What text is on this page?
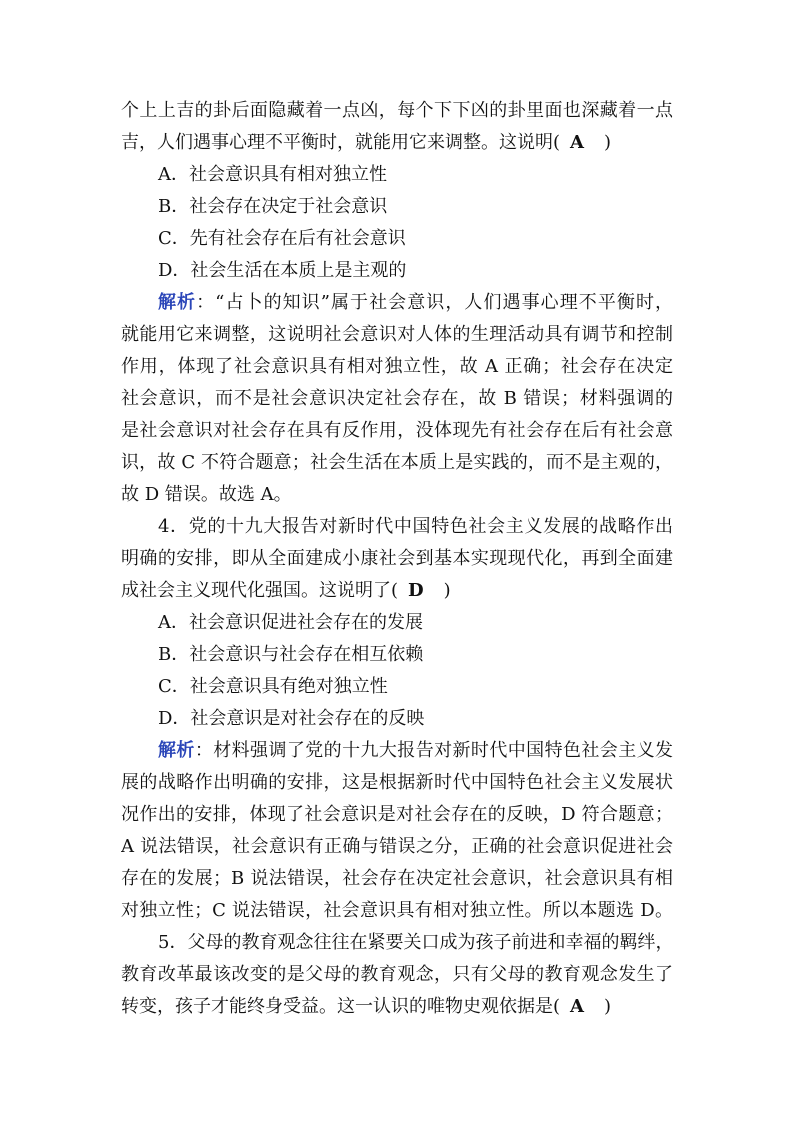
个上上吉的卦后面隐藏着一点凶，每个下下凶的卦里面也深藏着一点
吉，人们遇事心理不平衡时，就能用它来调整。这说明( A )
A．社会意识具有相对独立性
B．社会存在决定于社会意识
C．先有社会存在后有社会意识
D．社会生活在本质上是主观的
解析：“占卜的知识”属于社会意识，人们遇事心理不平衡时，
就能用它来调整，这说明社会意识对人体的生理活动具有调节和控制
作用，体现了社会意识具有相对独立性，故 A 正确；社会存在决定
社会意识，而不是社会意识决定社会存在，故 B 错误；材料强调的
是社会意识对社会存在具有反作用，没体现先有社会存在后有社会意
识，故 C 不符合题意；社会生活在本质上是实践的，而不是主观的，
故 D 错误。故选 A。
4．党的十九大报告对新时代中国特色社会主义发展的战略作出
明确的安排，即从全面建成小康社会到基本实现现代化，再到全面建
成社会主义现代化强国。这说明了( D )
A．社会意识促进社会存在的发展
B．社会意识与社会存在相互依赖
C．社会意识具有绝对独立性
D．社会意识是对社会存在的反映
解析：材料强调了党的十九大报告对新时代中国特色社会主义发
展的战略作出明确的安排，这是根据新时代中国特色社会主义发展状
况作出的安排，体现了社会意识是对社会存在的反映，D 符合题意；
A 说法错误，社会意识有正确与错误之分，正确的社会意识促进社会
存在的发展；B 说法错误，社会存在决定社会意识，社会意识具有相
对独立性；C 说法错误，社会意识具有相对独立性。所以本题选 D。
5．父母的教育观念往往在紧要关口成为孩子前进和幸福的羁绊，
教育改革最该改变的是父母的教育观念，只有父母的教育观念发生了
转变，孩子才能终身受益。这一认识的唯物史观依据是( A )
